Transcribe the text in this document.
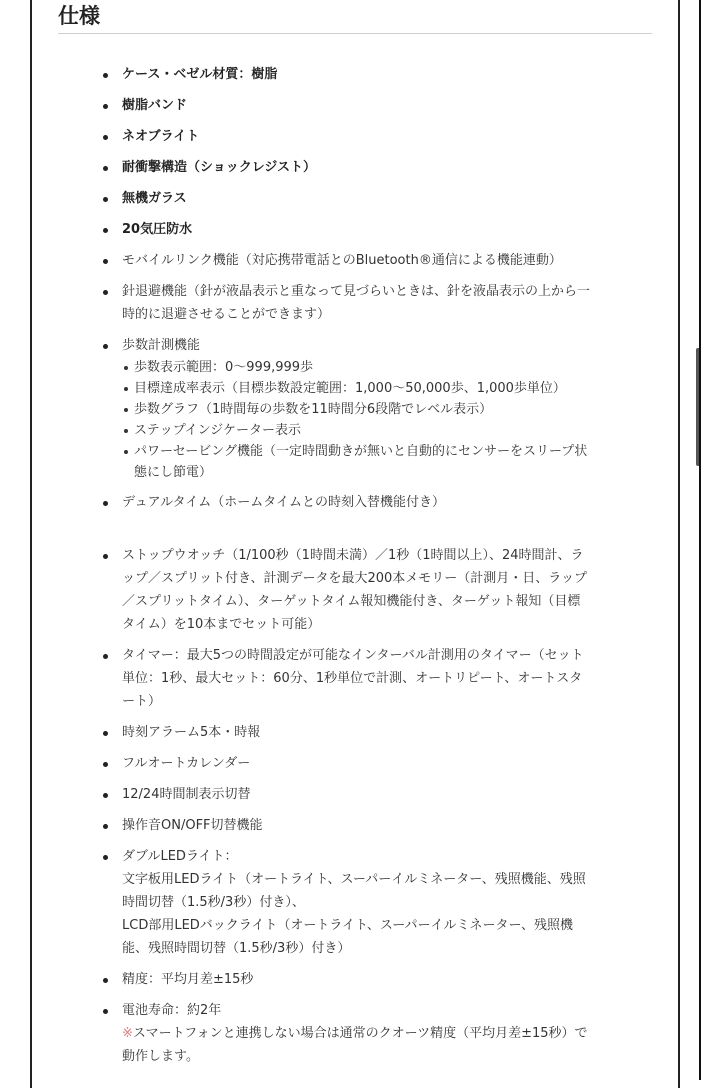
仕様
ケース・ベゼル材質：樹脂
樹脂バンド
ネオブライト
耐衝撃構造（ショックレジスト）
無機ガラス
20気圧防水
モバイルリンク機能（対応携帯電話とのBluetooth®通信による機能連動）
針退避機能（針が液晶表示と重なって見づらいときは、針を液晶表示の上から一
時的に退避させることができます）
歩数計測機能
歩数表示範囲：0～999,999歩
目標達成率表示（目標歩数設定範囲：1,000～50,000歩、1,000歩単位）
歩数グラフ（1時間毎の歩数を11時間分6段階でレベル表示）
ステップインジケーター表示
パワーセービング機能（一定時間動きが無いと自動的にセンサーをスリープ状
態にし節電）
デュアルタイム（ホームタイムとの時刻入替機能付き）
ストップウオッチ（1/100秒（1時間未満）／1秒（1時間以上）、24時間計、ラ
ップ／スプリット付き、計測データを最大200本メモリー（計測月・日、ラップ
／スプリットタイム）、ターゲットタイム報知機能付き、ターゲット報知（目標
タイム）を10本までセット可能）
タイマー：最大5つの時間設定が可能なインターバル計測用のタイマー（セット
単位：1秒、最大セット：60分、1秒単位で計測、オートリピート、オートスタ
ート）
時刻アラーム5本・時報
フルオートカレンダー
12/24時間制表示切替
操作音ON/OFF切替機能
ダブルLEDライト：
文字板用LEDライト（オートライト、スーパーイルミネーター、残照機能、残照
時間切替（1.5秒/3秒）付き）、
LCD部用LEDバックライト（オートライト、スーパーイルミネーター、残照機
能、残照時間切替（1.5秒/3秒）付き）
精度：平均月差±15秒
電池寿命：約2年
※スマートフォンと連携しない場合は通常のクオーツ精度（平均月差±15秒）で
動作します。
